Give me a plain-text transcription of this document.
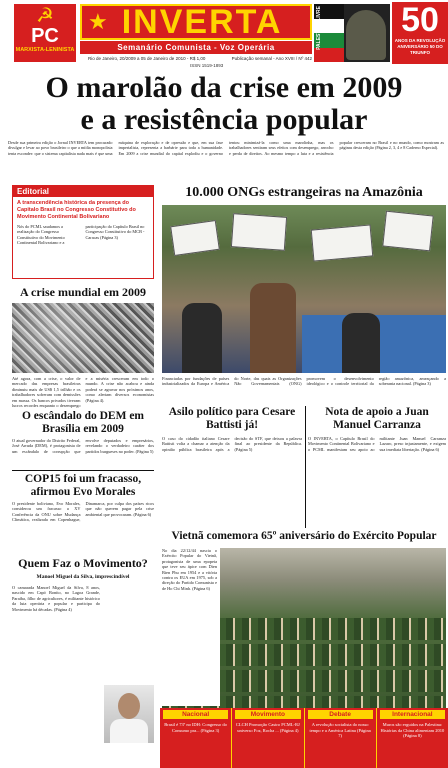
☭
PC
MARXISTA-LENINISTA
★ INVERTA
Semanário Comunista - Voz Operária
Rio de Janeiro, 20/2009 a 05 de Janeiro de 2010 - R$ 1,00	Publicação semanal - Ano XVIII / Nº 442
ISSN 1519-1893
PALESTINA LIVRE 50
ANOS DA REVOLUÇÃO
ANIVERSÁRIO 50 DO TRIUNFO
O marolão da crise em 2009
e a resistência popular
Desde sua primeira edição o Jornal INVERTA tem procurado divulgar e levar ao povo brasileiro o que a mídia monopolista tenta esconder: que o sistema capitalista nada mais é que uma máquina de exploração e de opressão e que, em sua fase imperialista, representa a barbárie para toda a humanidade. Em 2009 a crise mundial do capital explodiu e o governo tentou minimizá-la como uma marolinha, mas os trabalhadores sentiram seus efeitos com desemprego, arrocho e perda de direitos. Ao mesmo tempo a luta e a resistência popular cresceram no Brasil e no mundo, como mostram as páginas desta edição (Página 2, 3, 4 e 8 Caderno Especial).
Editorial
A transcendência histórica da presença do Capitalo Brasil no Congresso Constitutivo do Movimento Continental Bolivariano
Nós do PCML saudamos a realização do Congresso Constitutivo do Movimento Continental Bolivariano e a participação do Capítulo Brasil no Congresso Constitutivo do MCB - Caracas (Página 3)
A crise mundial em 2009
Até agora, com a crise, o valor de mercado das empresas brasileiras diminuiu mais de US$ 1,5 trilhão e os trabalhadores sofreram com demissões em massa. Os bancos privados tiveram lucros recordes enquanto o desemprego e a miséria cresceram em todo o mundo. A crise não acabou e ainda poderá se agravar nos próximos anos, como alertam diversos economistas (Página 4).
O escândalo do DEM em Brasília em 2009
O atual governador do Distrito Federal, José Arruda (DEM), é protagonista de um escândalo de corrupção que envolve deputados e empresários, revelando o verdadeiro caráter dos partidos burgueses no poder. (Página 5)
COP15 foi um fracasso, afirmou Evo Morales
O presidente boliviano, Evo Morales, considerou um fracasso a XV Conferência da ONU sobre Mudança Climática, realizada em Copenhague, Dinamarca, por culpa dos países ricos que não querem pagar pela crise ambiental que provocaram. (Página 6)
Quem Faz o Movimento?
Manoel Miguel da Silva, imprescindível
O camarada Manoel Miguel da Silva, 8 anos, nascido em Capó Bonito, no Lagoa Grande, Paraíba, filho de agricultores, é militante histórico da luta operária e popular e participa do Movimento há décadas. (Página 4)
10.000 ONGs estrangeiras na Amazônia
Financiadas por fundações de países industrializados da Europa e América do Norte, das quais as Organizações Não Governamentais (ONG) promovem o desenvolvimento ideológico e o controle territorial da região amazônica, ameaçando a soberania nacional. (Página 3)
Asilo político para Cesare Battisti já!
O caso do cidadão italiano Cesare Battisti volta a chamar a atenção da opinião pública brasileira após a decisão do STF, que deixou a palavra final ao presidente da República. (Página 5)
Nota de apoio a Juan Manuel Carranza
O INVERTA, o Capítulo Brasil do Movimento Continental Bolivariano e o PCML manifestam seu apoio ao militante Juan Manuel Carranza Lazaro, preso injustamente, e exigem sua imediata libertação. (Página 6)
Vietnã comemora 65º aniversário do Exército Popular
No dia 22/12/44 nascia o Exército Popular do Vietnã, protagonista de uma epopeia que teve seu ápice com Dien Bien Phu em 1954 e a vitória contra os EUA em 1975, sob a direção do Partido Comunista e de Ho Chi Minh. (Página 6)
Nacional
Brasil é 73º no IDH: Congresso do Consumo pra... (Página 3)
Movimento
CLCH Promoção Castro PCML-RJ universo Foz, Rocha ... (Página 4)
Debate
A revolução socialista do nosso tempo e a América Latina (Página 7)
Internacional
Muros são erguidos na Palestina: Histórias da China alimentam 2010 (Página 8)
